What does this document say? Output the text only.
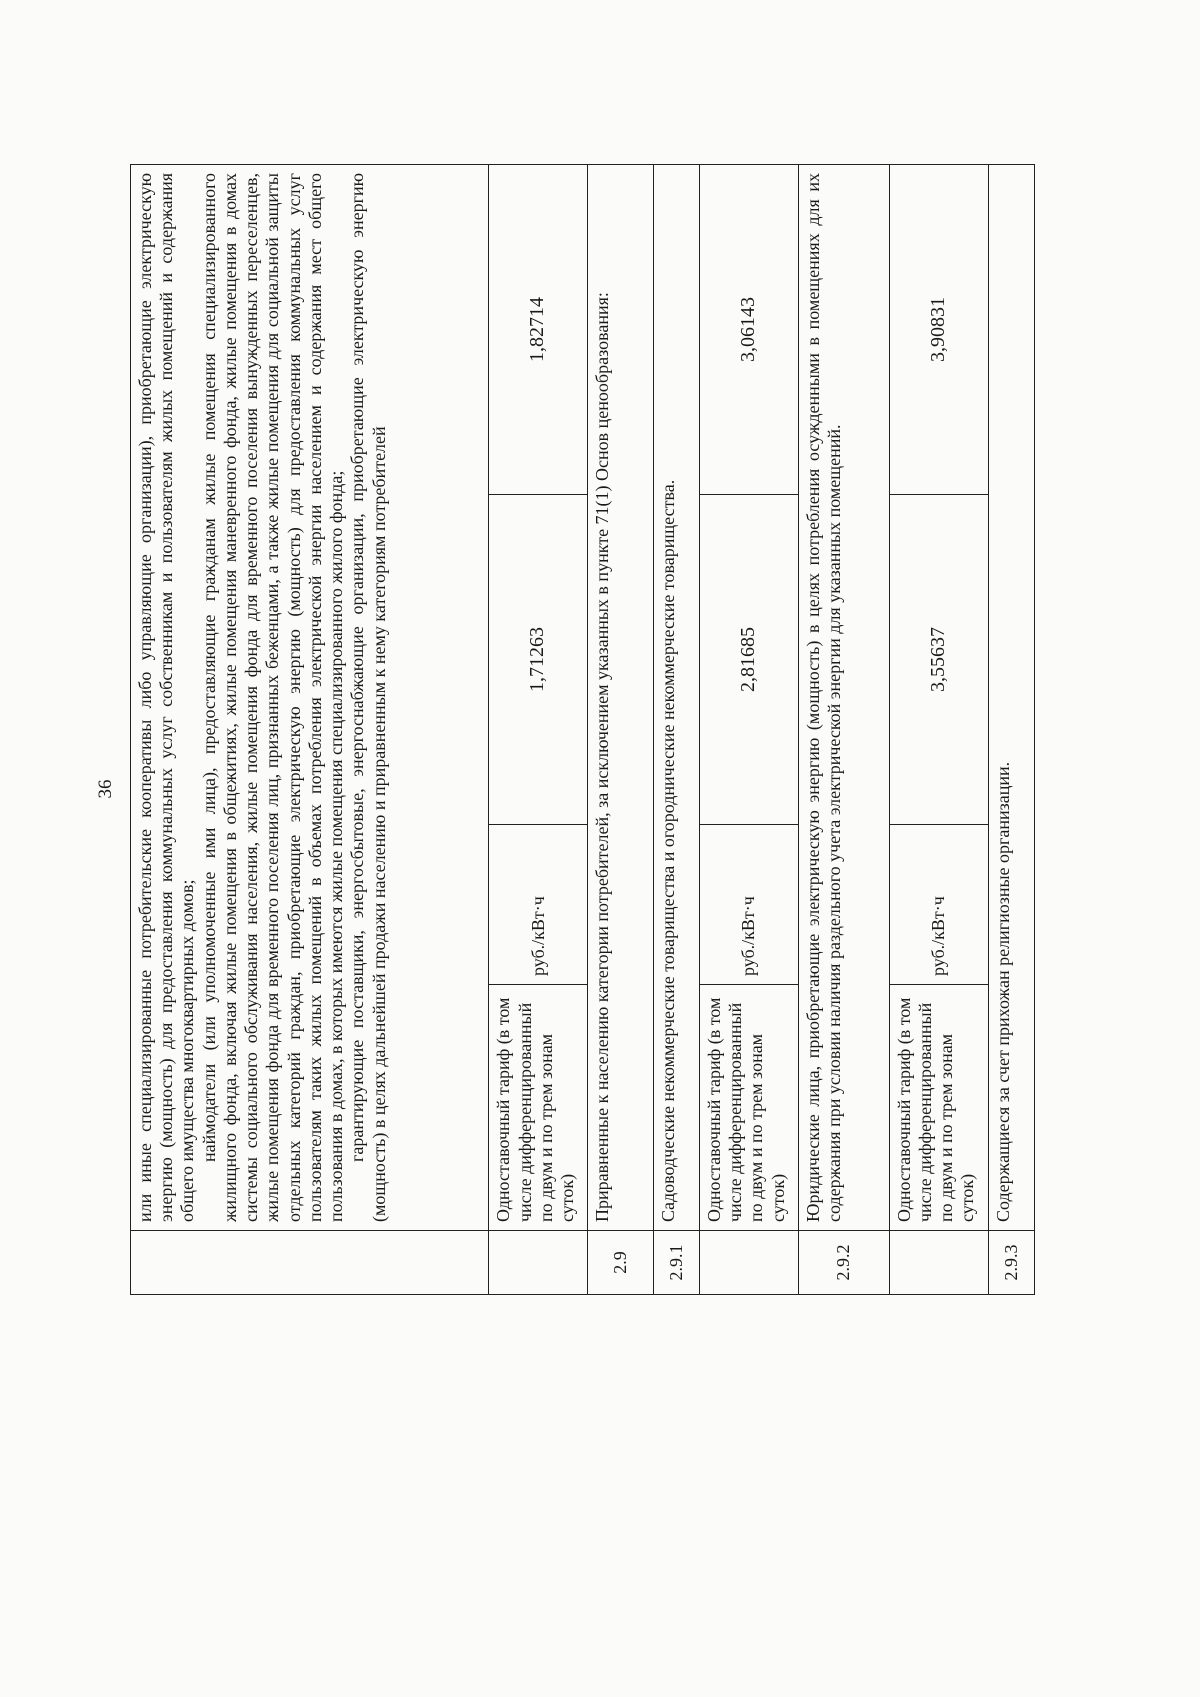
36

	или иные специализированные потребительские кооперативы либо управляющие организации), приобретающие электрическую энергию (мощность) для предоставления коммунальных услуг собственникам и пользователям жилых помещений и содержания общего имущества многоквартирных домов; наймодатели (или уполномоченные ими лица), предоставляющие гражданам жилые помещения специализированного жилищного фонда, включая жилые помещения в общежитиях, жилые помещения маневренного фонда, жилые помещения в домах системы социального обслуживания населения, жилые помещения фонда для временного поселения вынужденных переселенцев, жилые помещения фонда для временного поселения лиц, признанных беженцами, а также жилые помещения для социальной защиты отдельных категорий граждан, приобретающие электрическую энергию (мощность) для предоставления коммунальных услуг пользователям таких жилых помещений в объемах потребления электрической энергии населением и содержания мест общего пользования в домах, в которых имеются жилые помещения специализированного жилого фонда; гарантирующие поставщики, энергосбытовые, энергоснабжающие организации, приобретающие электрическую энергию (мощность) в целях дальнейшей продажи населению и приравненным к нему категориям потребителей			

	Одноставочный тариф (в том числе дифференцированный по двум и по трем зонам суток)	руб./кВт·ч	1,71263	1,82714
2.9	Приравненные к населению категории потребителей, за исключением указанных в пункте 71(1) Основ ценообразования:			
2.9.1	Садоводческие некоммерческие товарищества и огороднические некоммерческие товарищества.			
	Одноставочный тариф (в том числе дифференцированный по двум и по трем зонам суток)	руб./кВт·ч	2,81685	3,06143
2.9.2	Юридические лица, приобретающие электрическую энергию (мощность) в целях потребления осужденными в помещениях для их содержания при условии наличия раздельного учета электрической энергии для указанных помещений.			
	Одноставочный тариф (в том числе дифференцированный по двум и по трем зонам суток)	руб./кВт·ч	3,55637	3,90831
2.9.3	Содержащиеся за счет прихожан религиозные организации.			
